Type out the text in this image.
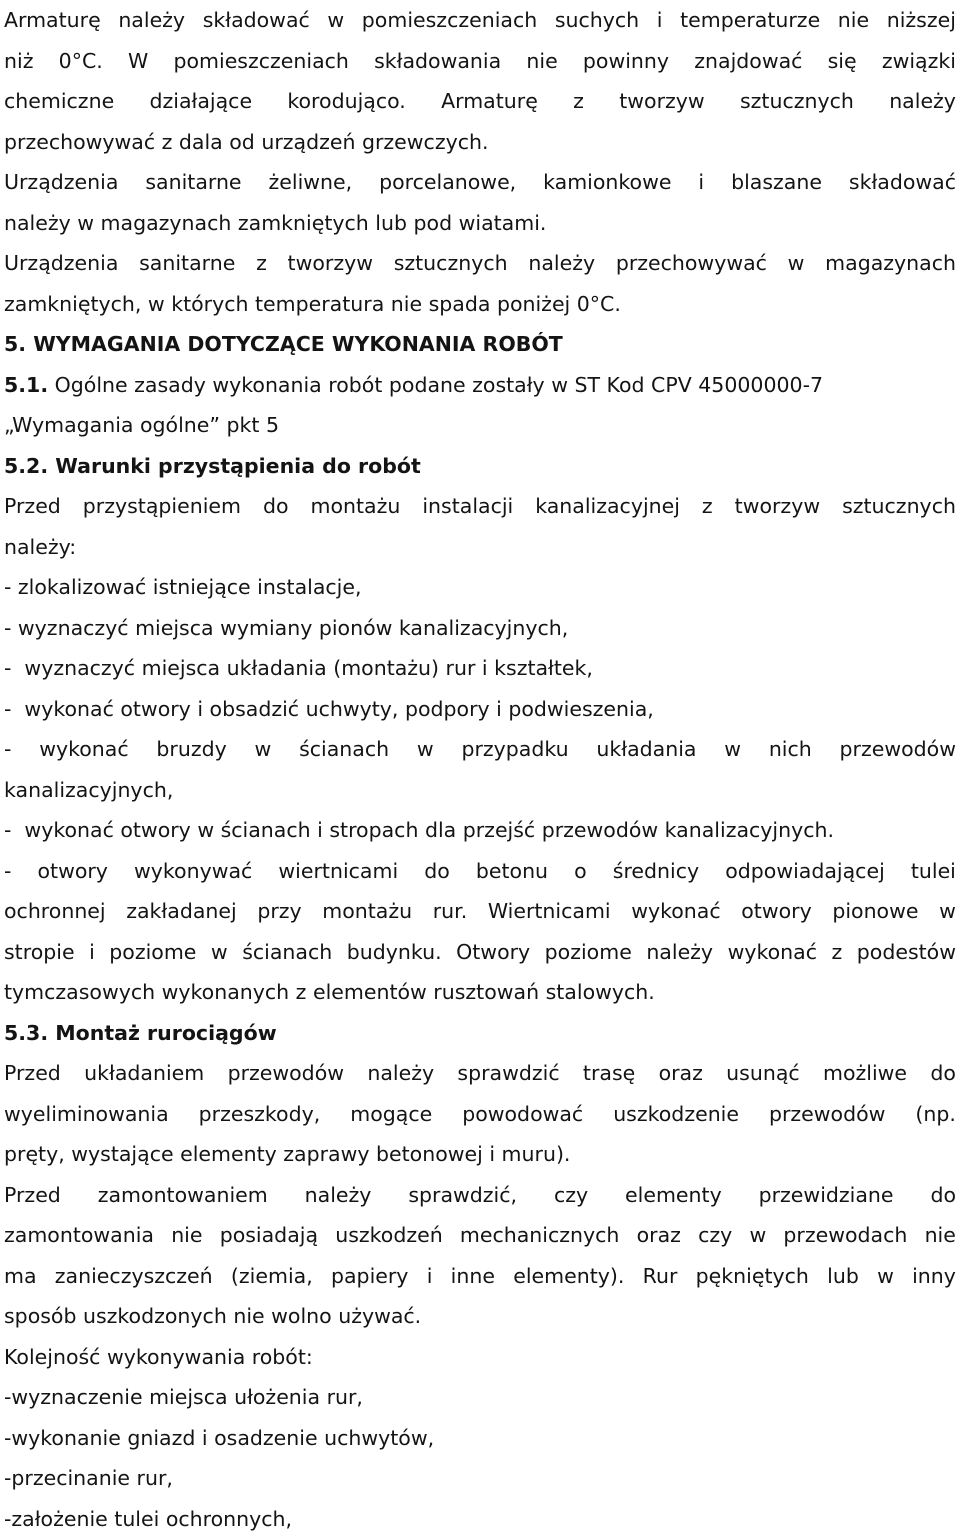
Armaturę należy składować w pomieszczeniach suchych i temperaturze nie niższej
niż 0°C. W pomieszczeniach składowania nie powinny znajdować się związki
chemiczne działające korodująco. Armaturę z tworzyw sztucznych należy
przechowywać z dala od urządzeń grzewczych.
Urządzenia sanitarne żeliwne, porcelanowe, kamionkowe i blaszane składować
należy w magazynach zamkniętych lub pod wiatami.
Urządzenia sanitarne z tworzyw sztucznych należy przechowywać w magazynach
zamkniętych, w których temperatura nie spada poniżej 0°C.
5. WYMAGANIA DOTYCZĄCE WYKONANIA ROBÓT
5.1. Ogólne zasady wykonania robót podane zostały w ST Kod CPV 45000000-7
„Wymagania ogólne” pkt 5
5.2. Warunki przystąpienia do robót
Przed przystąpieniem do montażu instalacji kanalizacyjnej z tworzyw sztucznych
należy:
- zlokalizować istniejące instalacje,
- wyznaczyć miejsca wymiany pionów kanalizacyjnych,
-  wyznaczyć miejsca układania (montażu) rur i kształtek,
-  wykonać otwory i obsadzić uchwyty, podpory i podwieszenia,
- wykonać bruzdy w ścianach w przypadku układania w nich przewodów
kanalizacyjnych,
-  wykonać otwory w ścianach i stropach dla przejść przewodów kanalizacyjnych.
- otwory wykonywać wiertnicami do betonu o średnicy odpowiadającej tulei
ochronnej zakładanej przy montażu rur. Wiertnicami wykonać otwory pionowe w
stropie i poziome w ścianach budynku. Otwory poziome należy wykonać z podestów
tymczasowych wykonanych z elementów rusztowań stalowych.
5.3. Montaż rurociągów
Przed układaniem przewodów należy sprawdzić trasę oraz usunąć możliwe do
wyeliminowania przeszkody, mogące powodować uszkodzenie przewodów (np.
pręty, wystające elementy zaprawy betonowej i muru).
Przed zamontowaniem należy sprawdzić, czy elementy przewidziane do
zamontowania nie posiadają uszkodzeń mechanicznych oraz czy w przewodach nie
ma zanieczyszczeń (ziemia, papiery i inne elementy). Rur pękniętych lub w inny
sposób uszkodzonych nie wolno używać.
Kolejność wykonywania robót:
-wyznaczenie miejsca ułożenia rur,
-wykonanie gniazd i osadzenie uchwytów,
-przecinanie rur,
-założenie tulei ochronnych,
